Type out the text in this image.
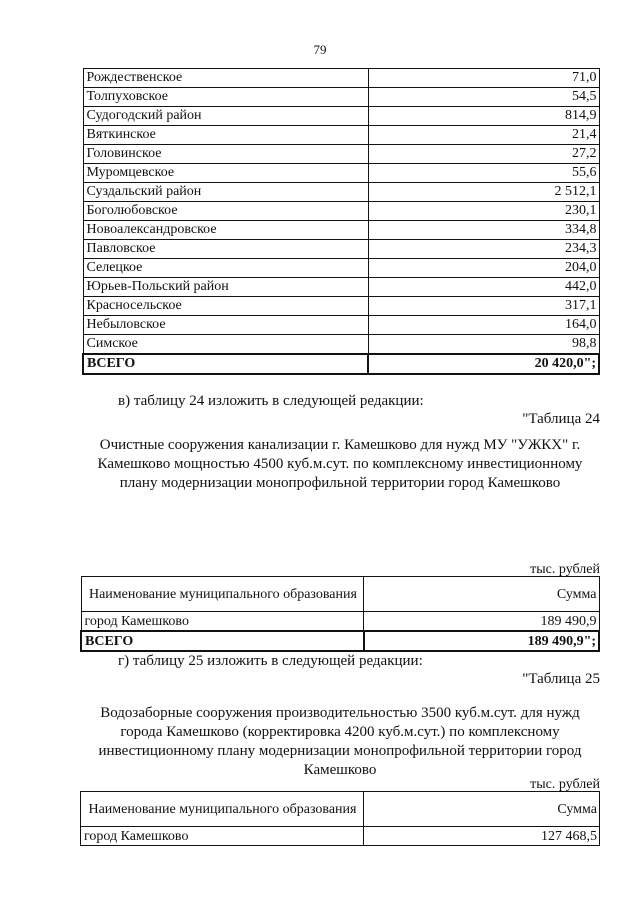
79
Рождественское	71,0
Толпуховское	54,5
Судогодский район	814,9
Вяткинское	21,4
Головинское	27,2
Муромцевское	55,6
Суздальский район	2 512,1
Боголюбовское	230,1
Новоалександровское	334,8
Павловское	234,3
Селецкое	204,0
Юрьев-Польский район	442,0
Красносельское	317,1
Небыловское	164,0
Симское	98,8
ВСЕГО	20 420,0";
в) таблицу 24 изложить в следующей редакции:
"Таблица 24
Очистные сооружения канализации г. Камешково для нужд МУ "УЖКХ" г. Камешково мощностью 4500 куб.м.сут. по комплексному инвестиционному плану модернизации монопрофильной территории город Камешково
тыс. рублей
Наименование муниципального образования	Сумма
город Камешково	189 490,9
ВСЕГО	189 490,9";
г) таблицу 25 изложить в следующей редакции:
"Таблица 25
Водозаборные сооружения производительностью 3500 куб.м.сут. для нужд города Камешково (корректировка 4200 куб.м.сут.) по комплексному инвестиционному плану модернизации монопрофильной территории город Камешково
тыс. рублей
Наименование муниципального образования	Сумма
город Камешково	127 468,5
